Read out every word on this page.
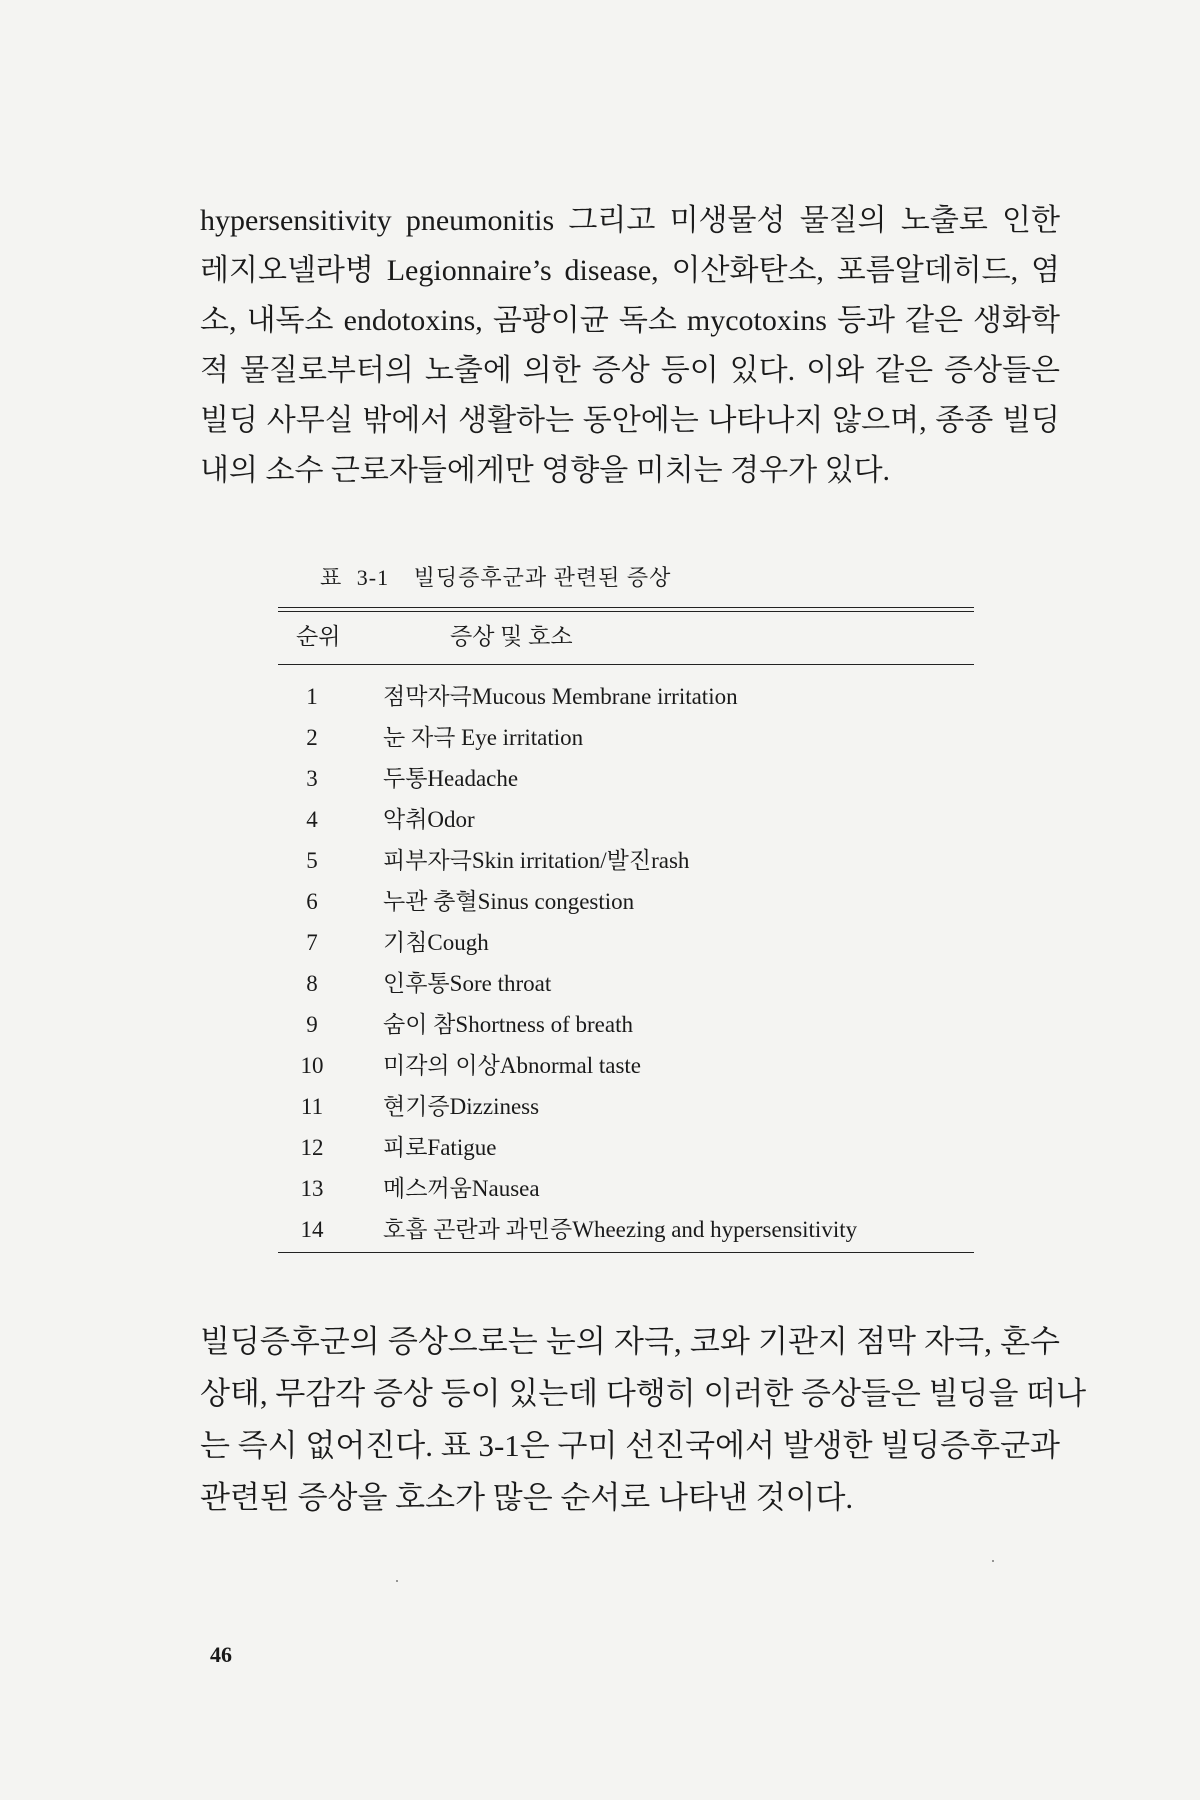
hypersensitivity pneumonitis 그리고 미생물성 물질의 노출로 인한
레지오넬라병 Legionnaire’s disease, 이산화탄소, 포름알데히드, 염
소, 내독소 endotoxins, 곰팡이균 독소 mycotoxins 등과 같은 생화학
적 물질로부터의 노출에 의한 증상 등이 있다. 이와 같은 증상들은
빌딩 사무실 밖에서 생활하는 동안에는 나타나지 않으며, 종종 빌딩
내의 소수 근로자들에게만 영향을 미치는 경우가 있다.
표 3-1 빌딩증후군과 관련된 증상
순위	증상 및 호소
1	점막자극Mucous Membrane irritation
2	눈 자극 Eye irritation
3	두통Headache
4	악취Odor
5	피부자극Skin irritation/발진rash
6	누관 충혈Sinus congestion
7	기침Cough
8	인후통Sore throat
9	숨이 참Shortness of breath
10	미각의 이상Abnormal taste
11	현기증Dizziness
12	피로Fatigue
13	메스꺼움Nausea
14	호흡 곤란과 과민증Wheezing and hypersensitivity
빌딩증후군의 증상으로는 눈의 자극, 코와 기관지 점막 자극, 혼수
상태, 무감각 증상 등이 있는데 다행히 이러한 증상들은 빌딩을 떠나
는 즉시 없어진다. 표 3-1은 구미 선진국에서 발생한 빌딩증후군과
관련된 증상을 호소가 많은 순서로 나타낸 것이다.
46
